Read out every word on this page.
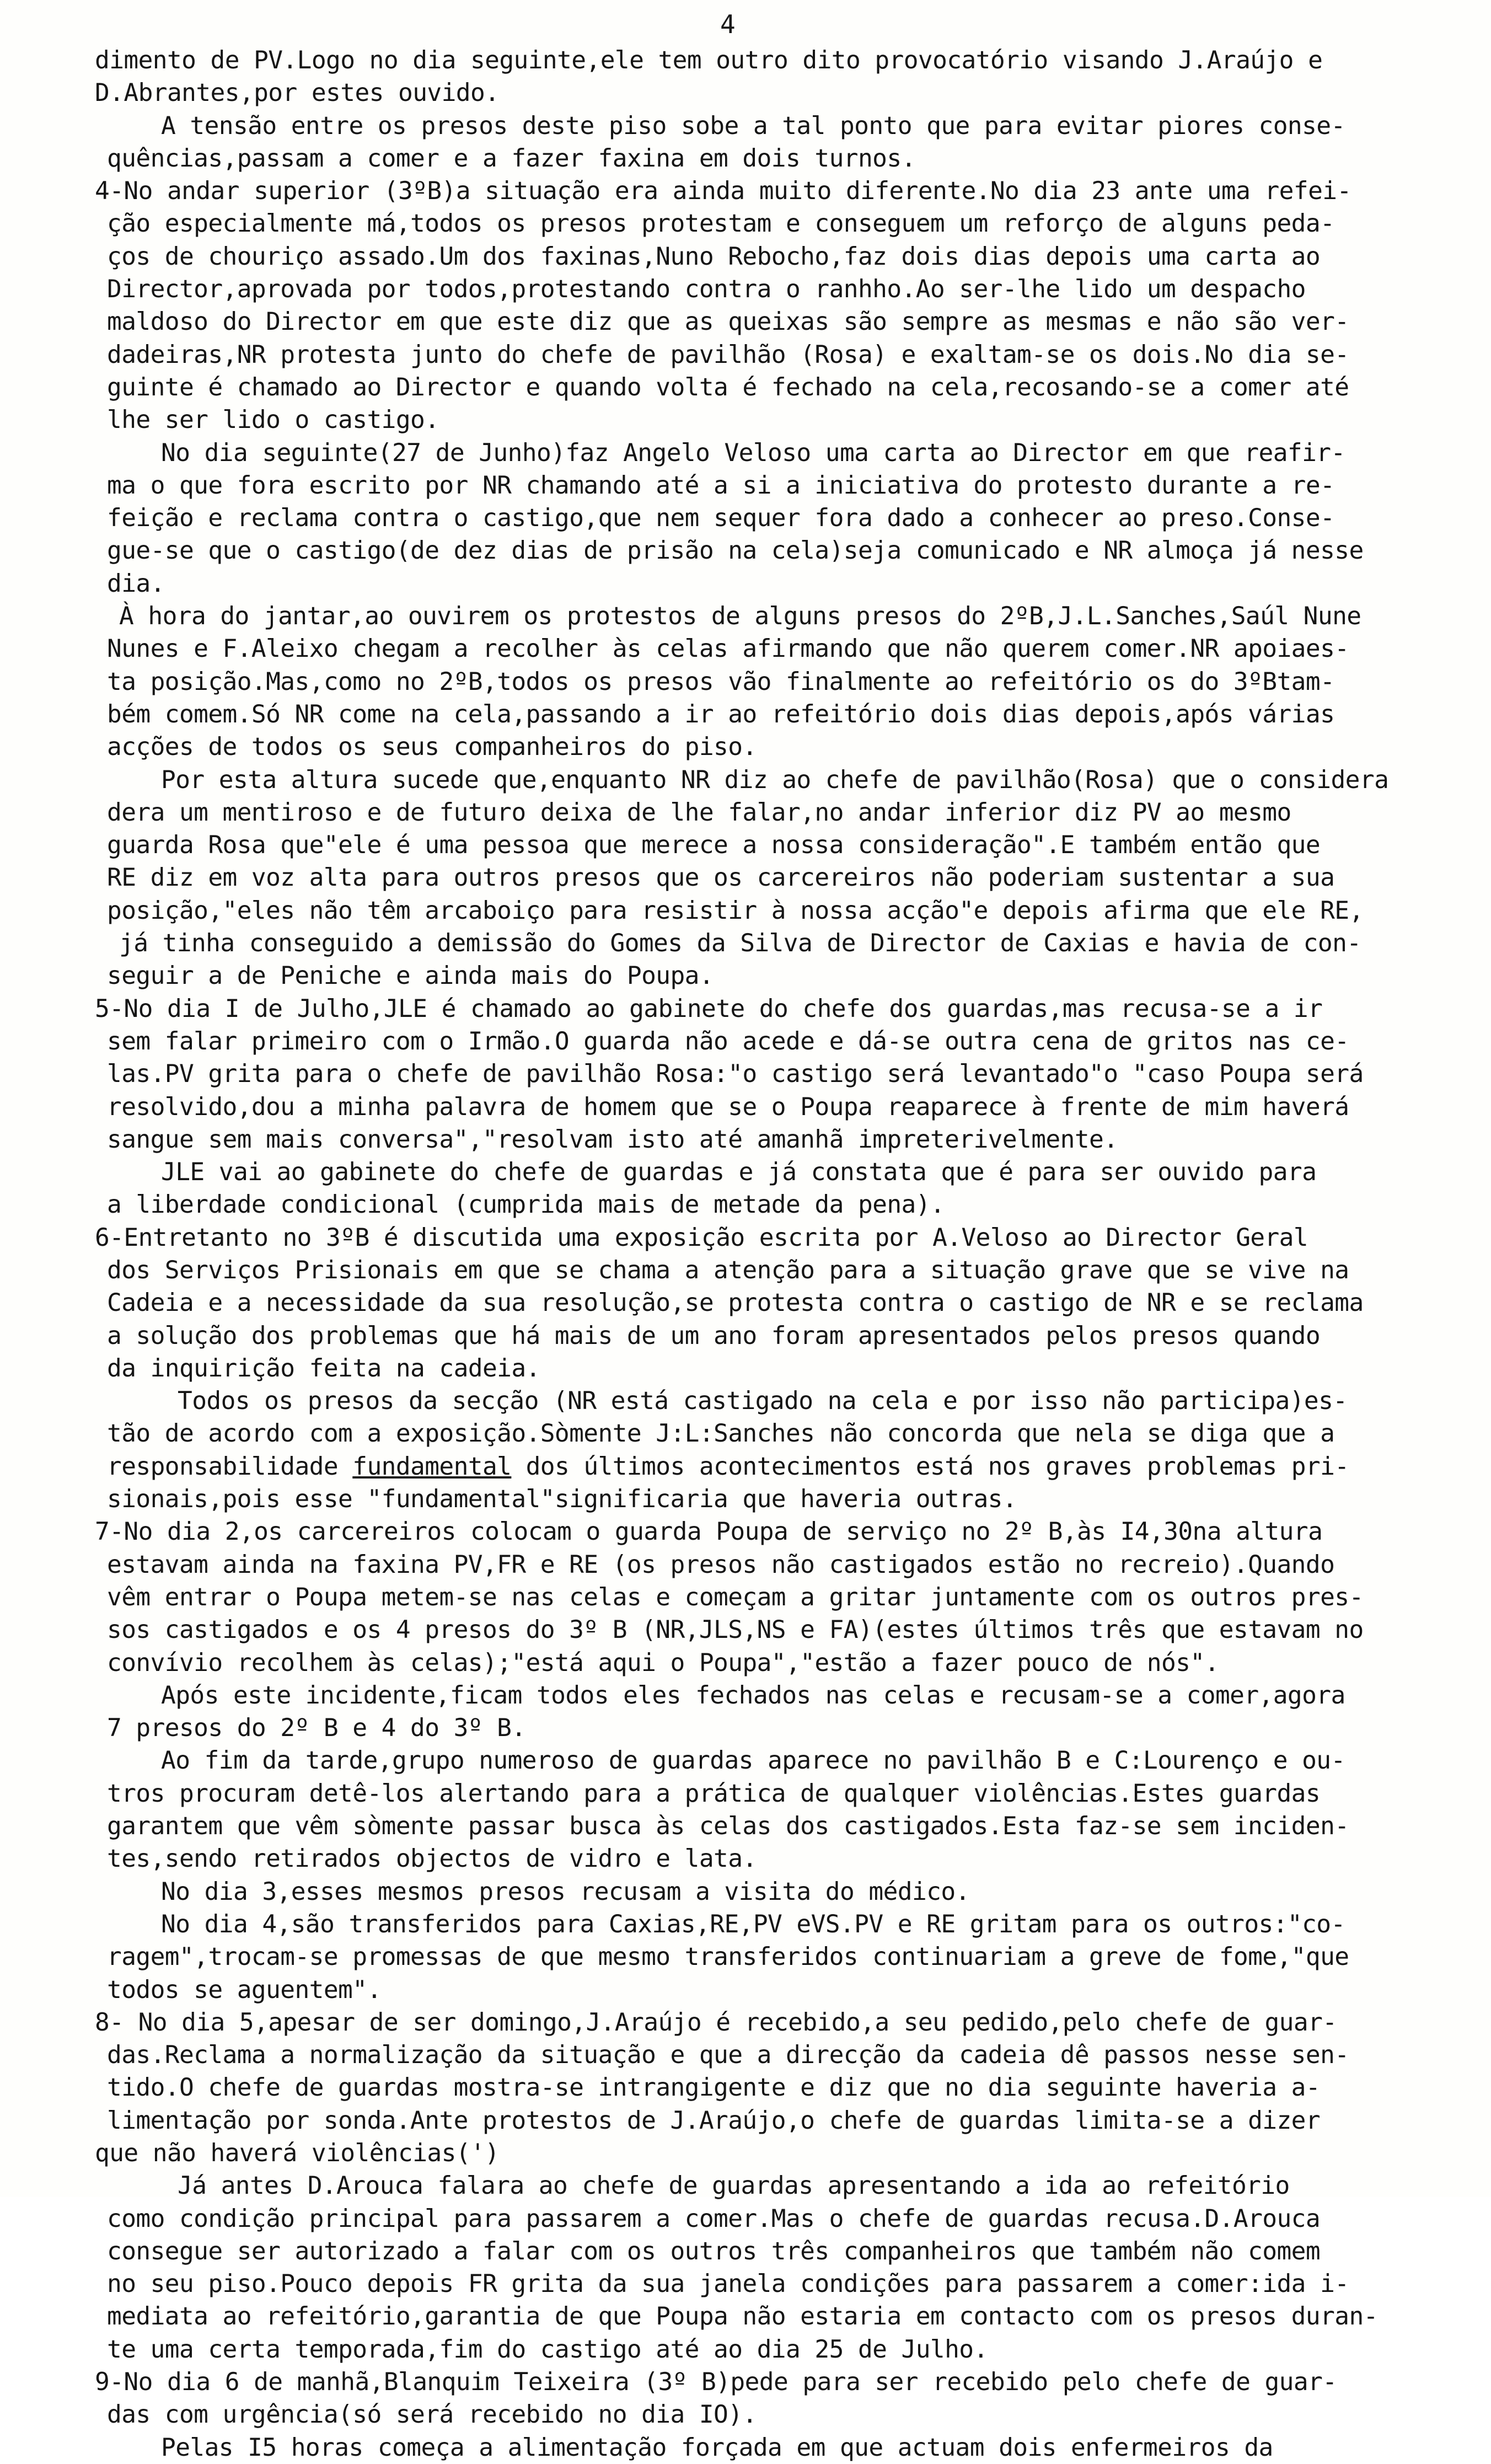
4
dimento de PV.Logo no dia seguinte,ele tem outro dito provocatório visando J.Araújo e
D.Abrantes,por estes ouvido.
A tensão entre os presos deste piso sobe a tal ponto que para evitar piores conse-
quências,passam a comer e a fazer faxina em dois turnos.
4-No andar superior (3ºB)a situação era ainda muito diferente.No dia 23 ante uma refei-
ção especialmente má,todos os presos protestam e conseguem um reforço de alguns peda-
ços de chouriço assado.Um dos faxinas,Nuno Rebocho,faz dois dias depois uma carta ao
Director,aprovada por todos,protestando contra o ranhho.Ao ser-lhe lido um despacho
maldoso do Director em que este diz que as queixas são sempre as mesmas e não são ver-
dadeiras,NR protesta junto do chefe de pavilhão (Rosa) e exaltam-se os dois.No dia se-
guinte é chamado ao Director e quando volta é fechado na cela,recosando-se a comer até
lhe ser lido o castigo.
No dia seguinte(27 de Junho)faz Angelo Veloso uma carta ao Director em que reafir-
ma o que fora escrito por NR chamando até a si a iniciativa do protesto durante a re-
feição e reclama contra o castigo,que nem sequer fora dado a conhecer ao preso.Conse-
gue-se que o castigo(de dez dias de prisão na cela)seja comunicado e NR almoça já nesse
dia.
À hora do jantar,ao ouvirem os protestos de alguns presos do 2ºB,J.L.Sanches,Saúl Nune
Nunes e F.Aleixo chegam a recolher às celas afirmando que não querem comer.NR apoiaes-
ta posição.Mas,como no 2ºB,todos os presos vão finalmente ao refeitório os do 3ºBtam-
bém comem.Só NR come na cela,passando a ir ao refeitório dois dias depois,após várias
acções de todos os seus companheiros do piso.
Por esta altura sucede que,enquanto NR diz ao chefe de pavilhão(Rosa) que o considera
dera um mentiroso e de futuro deixa de lhe falar,no andar inferior diz PV ao mesmo
guarda Rosa que"ele é uma pessoa que merece a nossa consideração".E também então que
RE diz em voz alta para outros presos que os carcereiros não poderiam sustentar a sua
posição,"eles não têm arcaboiço para resistir à nossa acção"e depois afirma que ele RE,
já tinha conseguido a demissão do Gomes da Silva de Director de Caxias e havia de con-
seguir a de Peniche e ainda mais do Poupa.
5-No dia I de Julho,JLE é chamado ao gabinete do chefe dos guardas,mas recusa-se a ir
sem falar primeiro com o Irmão.O guarda não acede e dá-se outra cena de gritos nas ce-
las.PV grita para o chefe de pavilhão Rosa:"o castigo será levantado"o "caso Poupa será
resolvido,dou a minha palavra de homem que se o Poupa reaparece à frente de mim haverá
sangue sem mais conversa","resolvam isto até amanhã impreterivelmente.
JLE vai ao gabinete do chefe de guardas e já constata que é para ser ouvido para
a liberdade condicional (cumprida mais de metade da pena).
6-Entretanto no 3ºB é discutida uma exposição escrita por A.Veloso ao Director Geral
dos Serviços Prisionais em que se chama a atenção para a situação grave que se vive na
Cadeia e a necessidade da sua resolução,se protesta contra o castigo de NR e se reclama
a solução dos problemas que há mais de um ano foram apresentados pelos presos quando
da inquirição feita na cadeia.
Todos os presos da secção (NR está castigado na cela e por isso não participa)es-
tão de acordo com a exposição.Sòmente J:L:Sanches não concorda que nela se diga que a
responsabilidade fundamental dos últimos acontecimentos está nos graves problemas pri-
sionais,pois esse "fundamental"significaria que haveria outras.
7-No dia 2,os carcereiros colocam o guarda Poupa de serviço no 2º B,às I4,30na altura
estavam ainda na faxina PV,FR e RE (os presos não castigados estão no recreio).Quando
vêm entrar o Poupa metem-se nas celas e começam a gritar juntamente com os outros pres-
sos castigados e os 4 presos do 3º B (NR,JLS,NS e FA)(estes últimos três que estavam no
convívio recolhem às celas);"está aqui o Poupa","estão a fazer pouco de nós".
Após este incidente,ficam todos eles fechados nas celas e recusam-se a comer,agora
7 presos do 2º B e 4 do 3º B.
Ao fim da tarde,grupo numeroso de guardas aparece no pavilhão B e C:Lourenço e ou-
tros procuram detê-los alertando para a prática de qualquer violências.Estes guardas
garantem que vêm sòmente passar busca às celas dos castigados.Esta faz-se sem inciden-
tes,sendo retirados objectos de vidro e lata.
No dia 3,esses mesmos presos recusam a visita do médico.
No dia 4,são transferidos para Caxias,RE,PV eVS.PV e RE gritam para os outros:"co-
ragem",trocam-se promessas de que mesmo transferidos continuariam a greve de fome,"que
todos se aguentem".
8- No dia 5,apesar de ser domingo,J.Araújo é recebido,a seu pedido,pelo chefe de guar-
das.Reclama a normalização da situação e que a direcção da cadeia dê passos nesse sen-
tido.O chefe de guardas mostra-se intrangigente e diz que no dia seguinte haveria a-
limentação por sonda.Ante protestos de J.Araújo,o chefe de guardas limita-se a dizer
que não haverá violências(')
Já antes D.Arouca falara ao chefe de guardas apresentando a ida ao refeitório
como condição principal para passarem a comer.Mas o chefe de guardas recusa.D.Arouca
consegue ser autorizado a falar com os outros três companheiros que também não comem
no seu piso.Pouco depois FR grita da sua janela condições para passarem a comer:ida i-
mediata ao refeitório,garantia de que Poupa não estaria em contacto com os presos duran-
te uma certa temporada,fim do castigo até ao dia 25 de Julho.
9-No dia 6 de manhã,Blanquim Teixeira (3º B)pede para ser recebido pelo chefe de guar-
das com urgência(só será recebido no dia IO).
Pelas I5 horas começa a alimentação forçada em que actuam dois enfermeiros da
